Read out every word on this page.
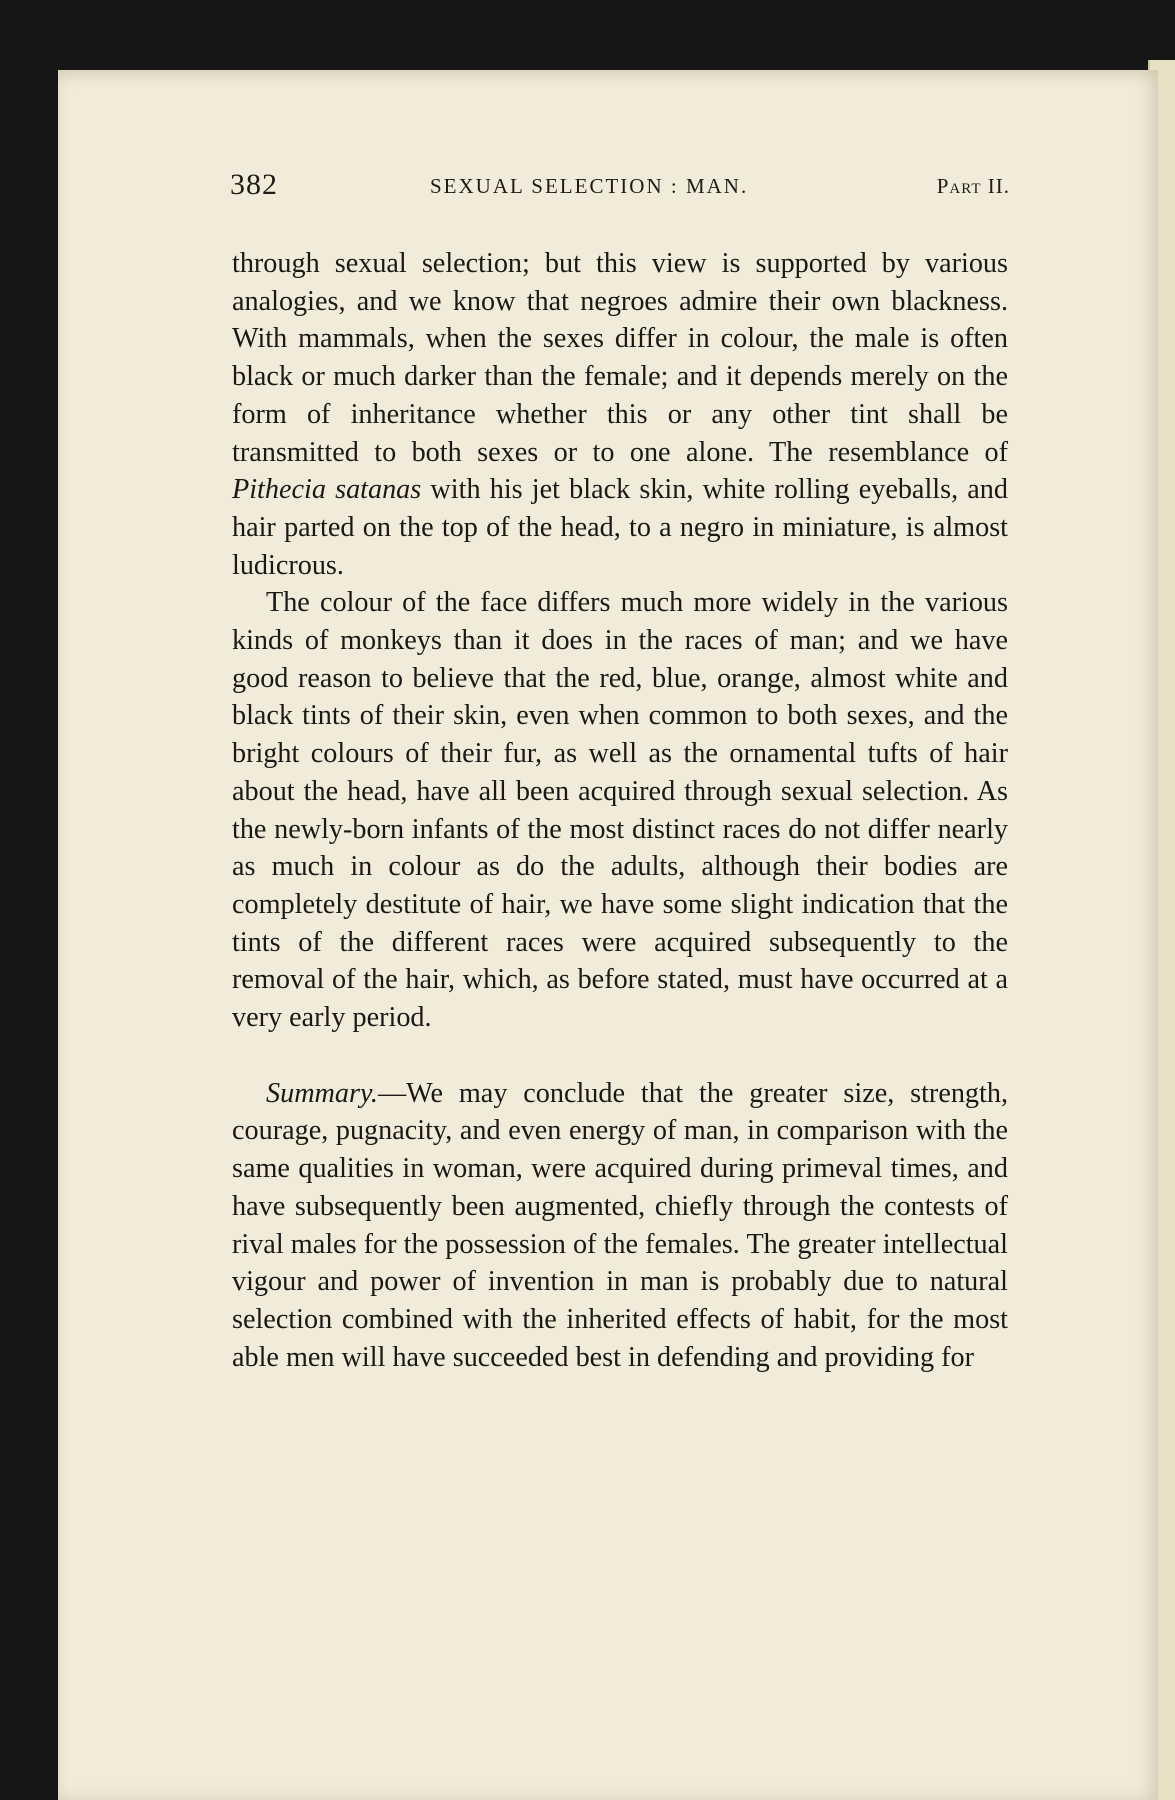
382	SEXUAL SELECTION : MAN.	Part II.

through sexual selection; but this view is supported by various analogies, and we know that negroes admire their own blackness. With mammals, when the sexes differ in colour, the male is often black or much darker than the female; and it depends merely on the form of inheritance whether this or any other tint shall be transmitted to both sexes or to one alone. The resemblance of Pithecia satanas with his jet black skin, white rolling eyeballs, and hair parted on the top of the head, to a negro in miniature, is almost ludicrous.

The colour of the face differs much more widely in the various kinds of monkeys than it does in the races of man; and we have good reason to believe that the red, blue, orange, almost white and black tints of their skin, even when common to both sexes, and the bright colours of their fur, as well as the ornamental tufts of hair about the head, have all been acquired through sexual selection. As the newly-born infants of the most distinct races do not differ nearly as much in colour as do the adults, although their bodies are completely destitute of hair, we have some slight indication that the tints of the different races were acquired subsequently to the removal of the hair, which, as before stated, must have occurred at a very early period.

Summary.—We may conclude that the greater size, strength, courage, pugnacity, and even energy of man, in comparison with the same qualities in woman, were acquired during primeval times, and have subsequently been augmented, chiefly through the contests of rival males for the possession of the females. The greater intellectual vigour and power of invention in man is probably due to natural selection combined with the inherited effects of habit, for the most able men will have succeeded best in defending and providing for
